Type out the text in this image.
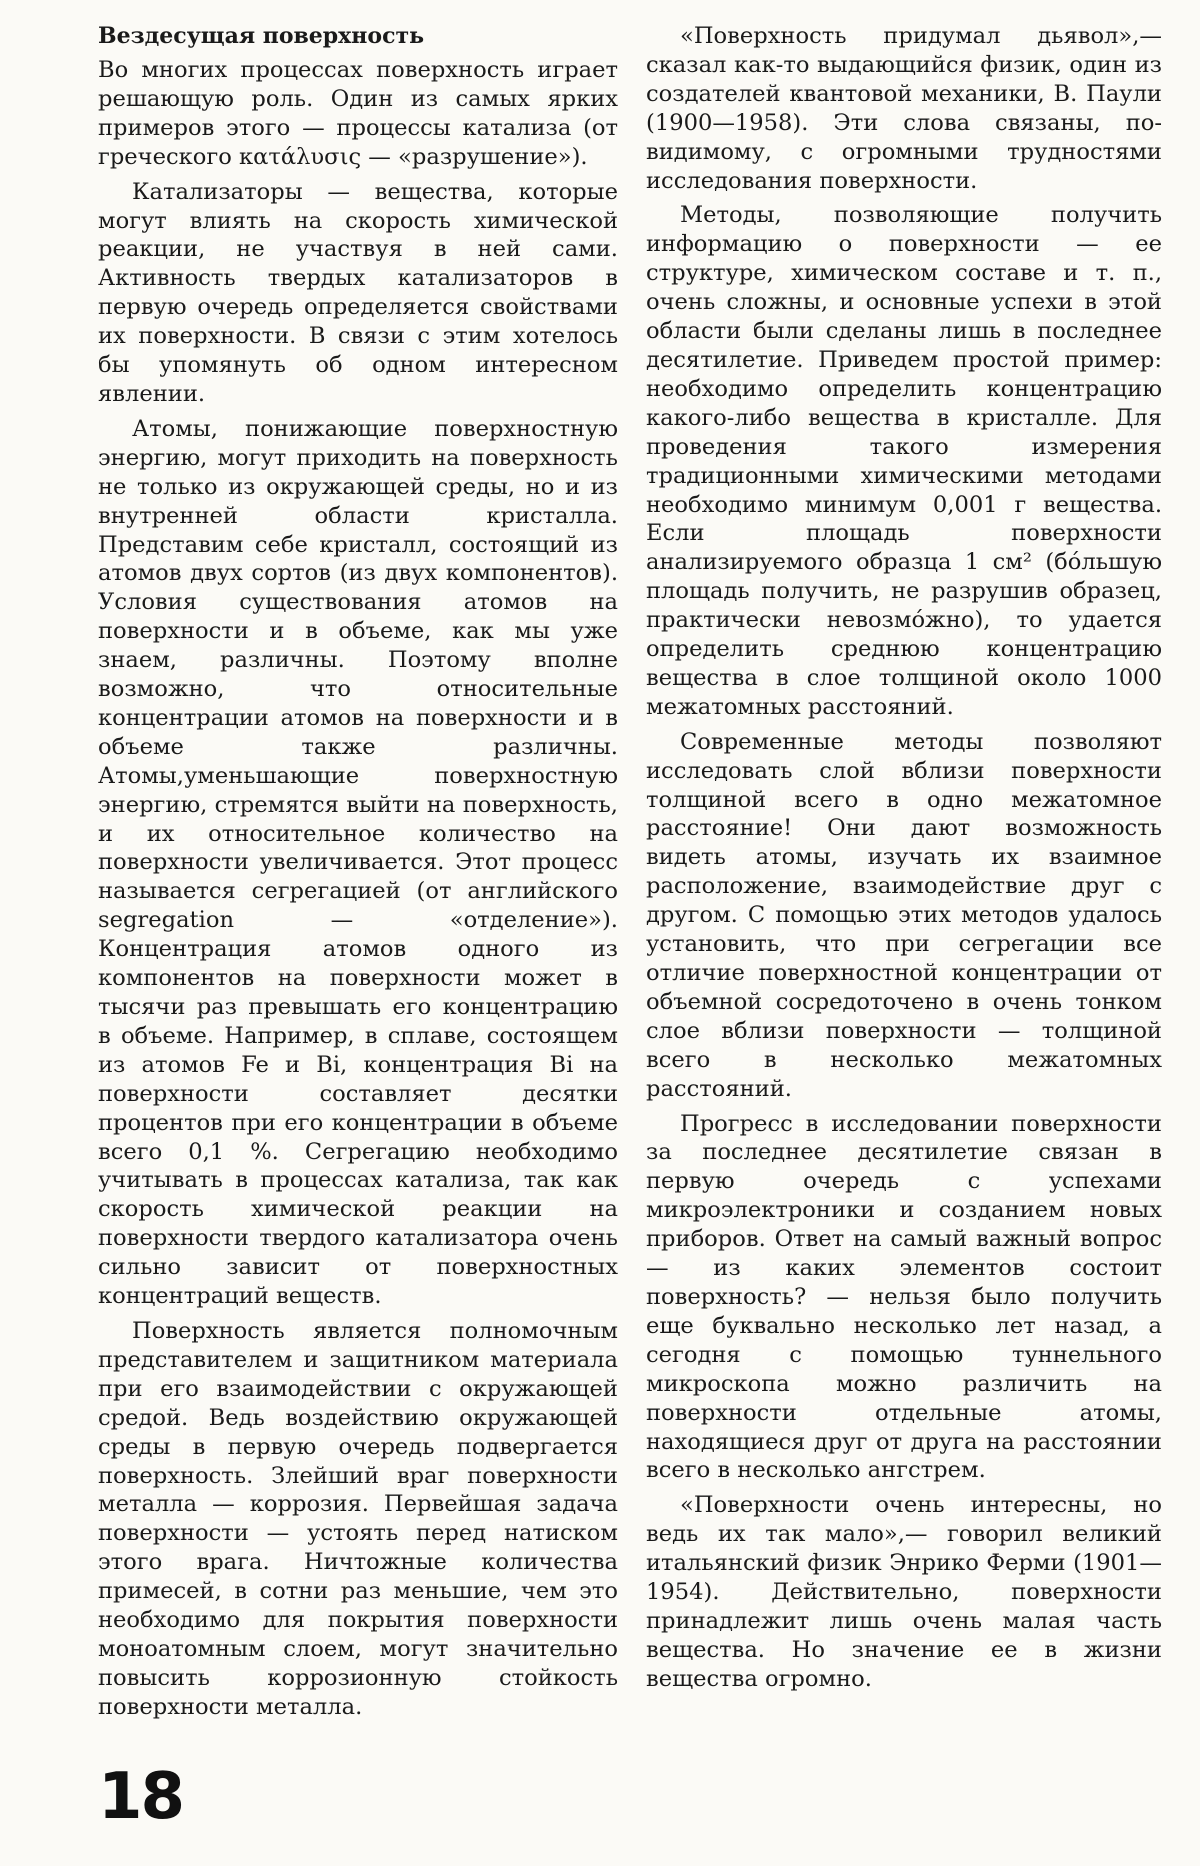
Вездесущая поверхность

Во многих процессах поверхность играет решающую роль. Один из самых ярких примеров этого — процессы катализа (от греческого κατάλυσις — «разрушение»).

Катализаторы — вещества, которые могут влиять на скорость химической реакции, не участвуя в ней сами. Активность твердых катализаторов в первую очередь определяется свойствами их поверхности. В связи с этим хотелось бы упомянуть об одном интересном явлении.

Атомы, понижающие поверхностную энергию, могут приходить на поверхность не только из окружающей среды, но и из внутренней области кристалла. Представим себе кристалл, состоящий из атомов двух сортов (из двух компонентов). Условия существования атомов на поверхности и в объеме, как мы уже знаем, различны. Поэтому вполне возможно, что относительные концентрации атомов на поверхности и в объеме также различны. Атомы,уменьшающие поверхностную энергию, стремятся выйти на поверхность, и их относительное количество на поверхности увеличивается. Этот процесс называется сегрегацией (от английского segregation — «отделение»). Концентрация атомов одного из компонентов на поверхности может в тысячи раз превышать его концентрацию в объеме. Например, в сплаве, состоящем из атомов Fe и Bi, концентрация Bi на поверхности составляет десятки процентов при его концентрации в объеме всего 0,1 %. Сегрегацию необходимо учитывать в процессах катализа, так как скорость химической реакции на поверхности твердого катализатора очень сильно зависит от поверхностных концентраций веществ.

Поверхность является полномочным представителем и защитником материала при его взаимодействии с окружающей средой. Ведь воздействию окружающей среды в первую очередь подвергается поверхность. Злейший враг поверхности металла — коррозия. Первейшая задача поверхности — устоять перед натиском этого врага. Ничтожные количества примесей, в сотни раз меньшие, чем это необходимо для покрытия поверхности моноатомным слоем, могут значительно повысить коррозионную стойкость поверхности металла.

«Поверхность придумал дьявол»,— сказал как-то выдающийся физик, один из создателей квантовой механики, В. Паули (1900—1958). Эти слова связаны, по-видимому, с огромными трудностями исследования поверхности.

Методы, позволяющие получить информацию о поверхности — ее структуре, химическом составе и т. п., очень сложны, и основные успехи в этой области были сделаны лишь в последнее десятилетие. Приведем простой пример: необходимо определить концентрацию какого-либо вещества в кристалле. Для проведения такого измерения традиционными химическими методами необходимо минимум 0,001 г вещества. Если площадь поверхности анализируемого образца 1 см² (бóльшую площадь получить, не разрушив образец, практически невозмóжно), то удается определить среднюю концентрацию вещества в слое толщиной около 1000 межатомных расстояний.

Современные методы позволяют исследовать слой вблизи поверхности толщиной всего в одно межатомное расстояние! Они дают возможность видеть атомы, изучать их взаимное расположение, взаимодействие друг с другом. С помощью этих методов удалось установить, что при сегрегации все отличие поверхностной концентрации от объемной сосредоточено в очень тонком слое вблизи поверхности — толщиной всего в несколько межатомных расстояний.

Прогресс в исследовании поверхности за последнее десятилетие связан в первую очередь с успехами микроэлектроники и созданием новых приборов. Ответ на самый важный вопрос — из каких элементов состоит поверхность? — нельзя было получить еще буквально несколько лет назад, а сегодня с помощью туннельного микроскопа можно различить на поверхности отдельные атомы, находящиеся друг от друга на расстоянии всего в несколько ангстрем.

«Поверхности очень интересны, но ведь их так мало»,— говорил великий итальянский физик Энрико Ферми (1901—1954). Действительно, поверхности принадлежит лишь очень малая часть вещества. Но значение ее в жизни вещества огромно.

18
